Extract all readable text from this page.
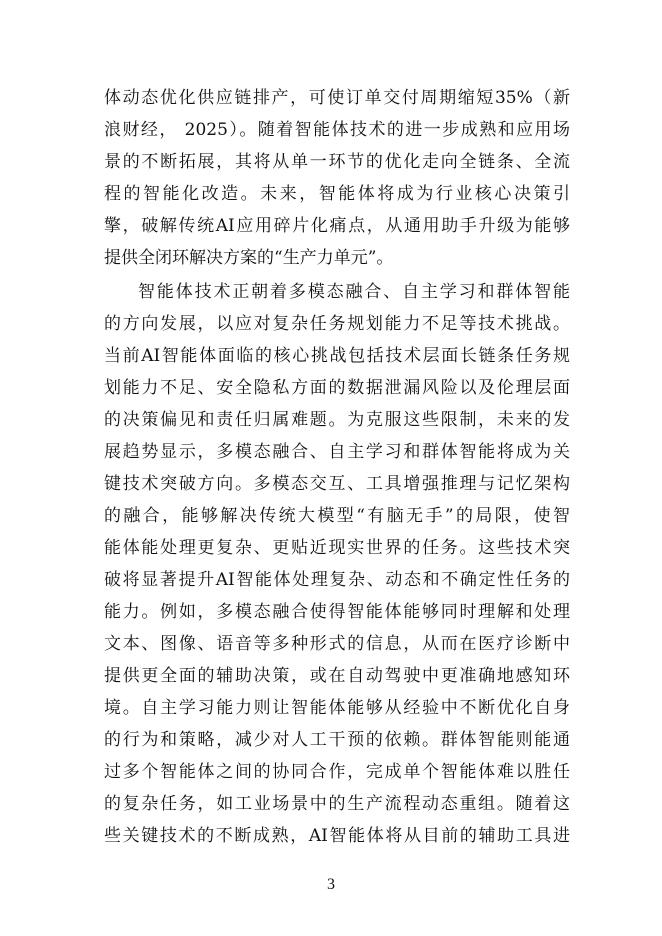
体动态优化供应链排产，可使订单交付周期缩短35%（新
浪财经， 2025）。随着智能体技术的进一步成熟和应用场
景的不断拓展，其将从单一环节的优化走向全链条、全流
程的智能化改造。未来，智能体将成为行业核心决策引
擎，破解传统AI应用碎片化痛点，从通用助手升级为能够
提供全闭环解决方案的“生产力单元”。
智能体技术正朝着多模态融合、自主学习和群体智能
的方向发展，以应对复杂任务规划能力不足等技术挑战。
当前AI智能体面临的核心挑战包括技术层面长链条任务规
划能力不足、安全隐私方面的数据泄漏风险以及伦理层面
的决策偏见和责任归属难题。为克服这些限制，未来的发
展趋势显示，多模态融合、自主学习和群体智能将成为关
键技术突破方向。多模态交互、工具增强推理与记忆架构
的融合，能够解决传统大模型“有脑无手”的局限，使智
能体能处理更复杂、更贴近现实世界的任务。这些技术突
破将显著提升AI智能体处理复杂、动态和不确定性任务的
能力。例如，多模态融合使得智能体能够同时理解和处理
文本、图像、语音等多种形式的信息，从而在医疗诊断中
提供更全面的辅助决策，或在自动驾驶中更准确地感知环
境。自主学习能力则让智能体能够从经验中不断优化自身
的行为和策略，减少对人工干预的依赖。群体智能则能通
过多个智能体之间的协同合作，完成单个智能体难以胜任
的复杂任务，如工业场景中的生产流程动态重组。随着这
些关键技术的不断成熟，AI智能体将从目前的辅助工具进
3
